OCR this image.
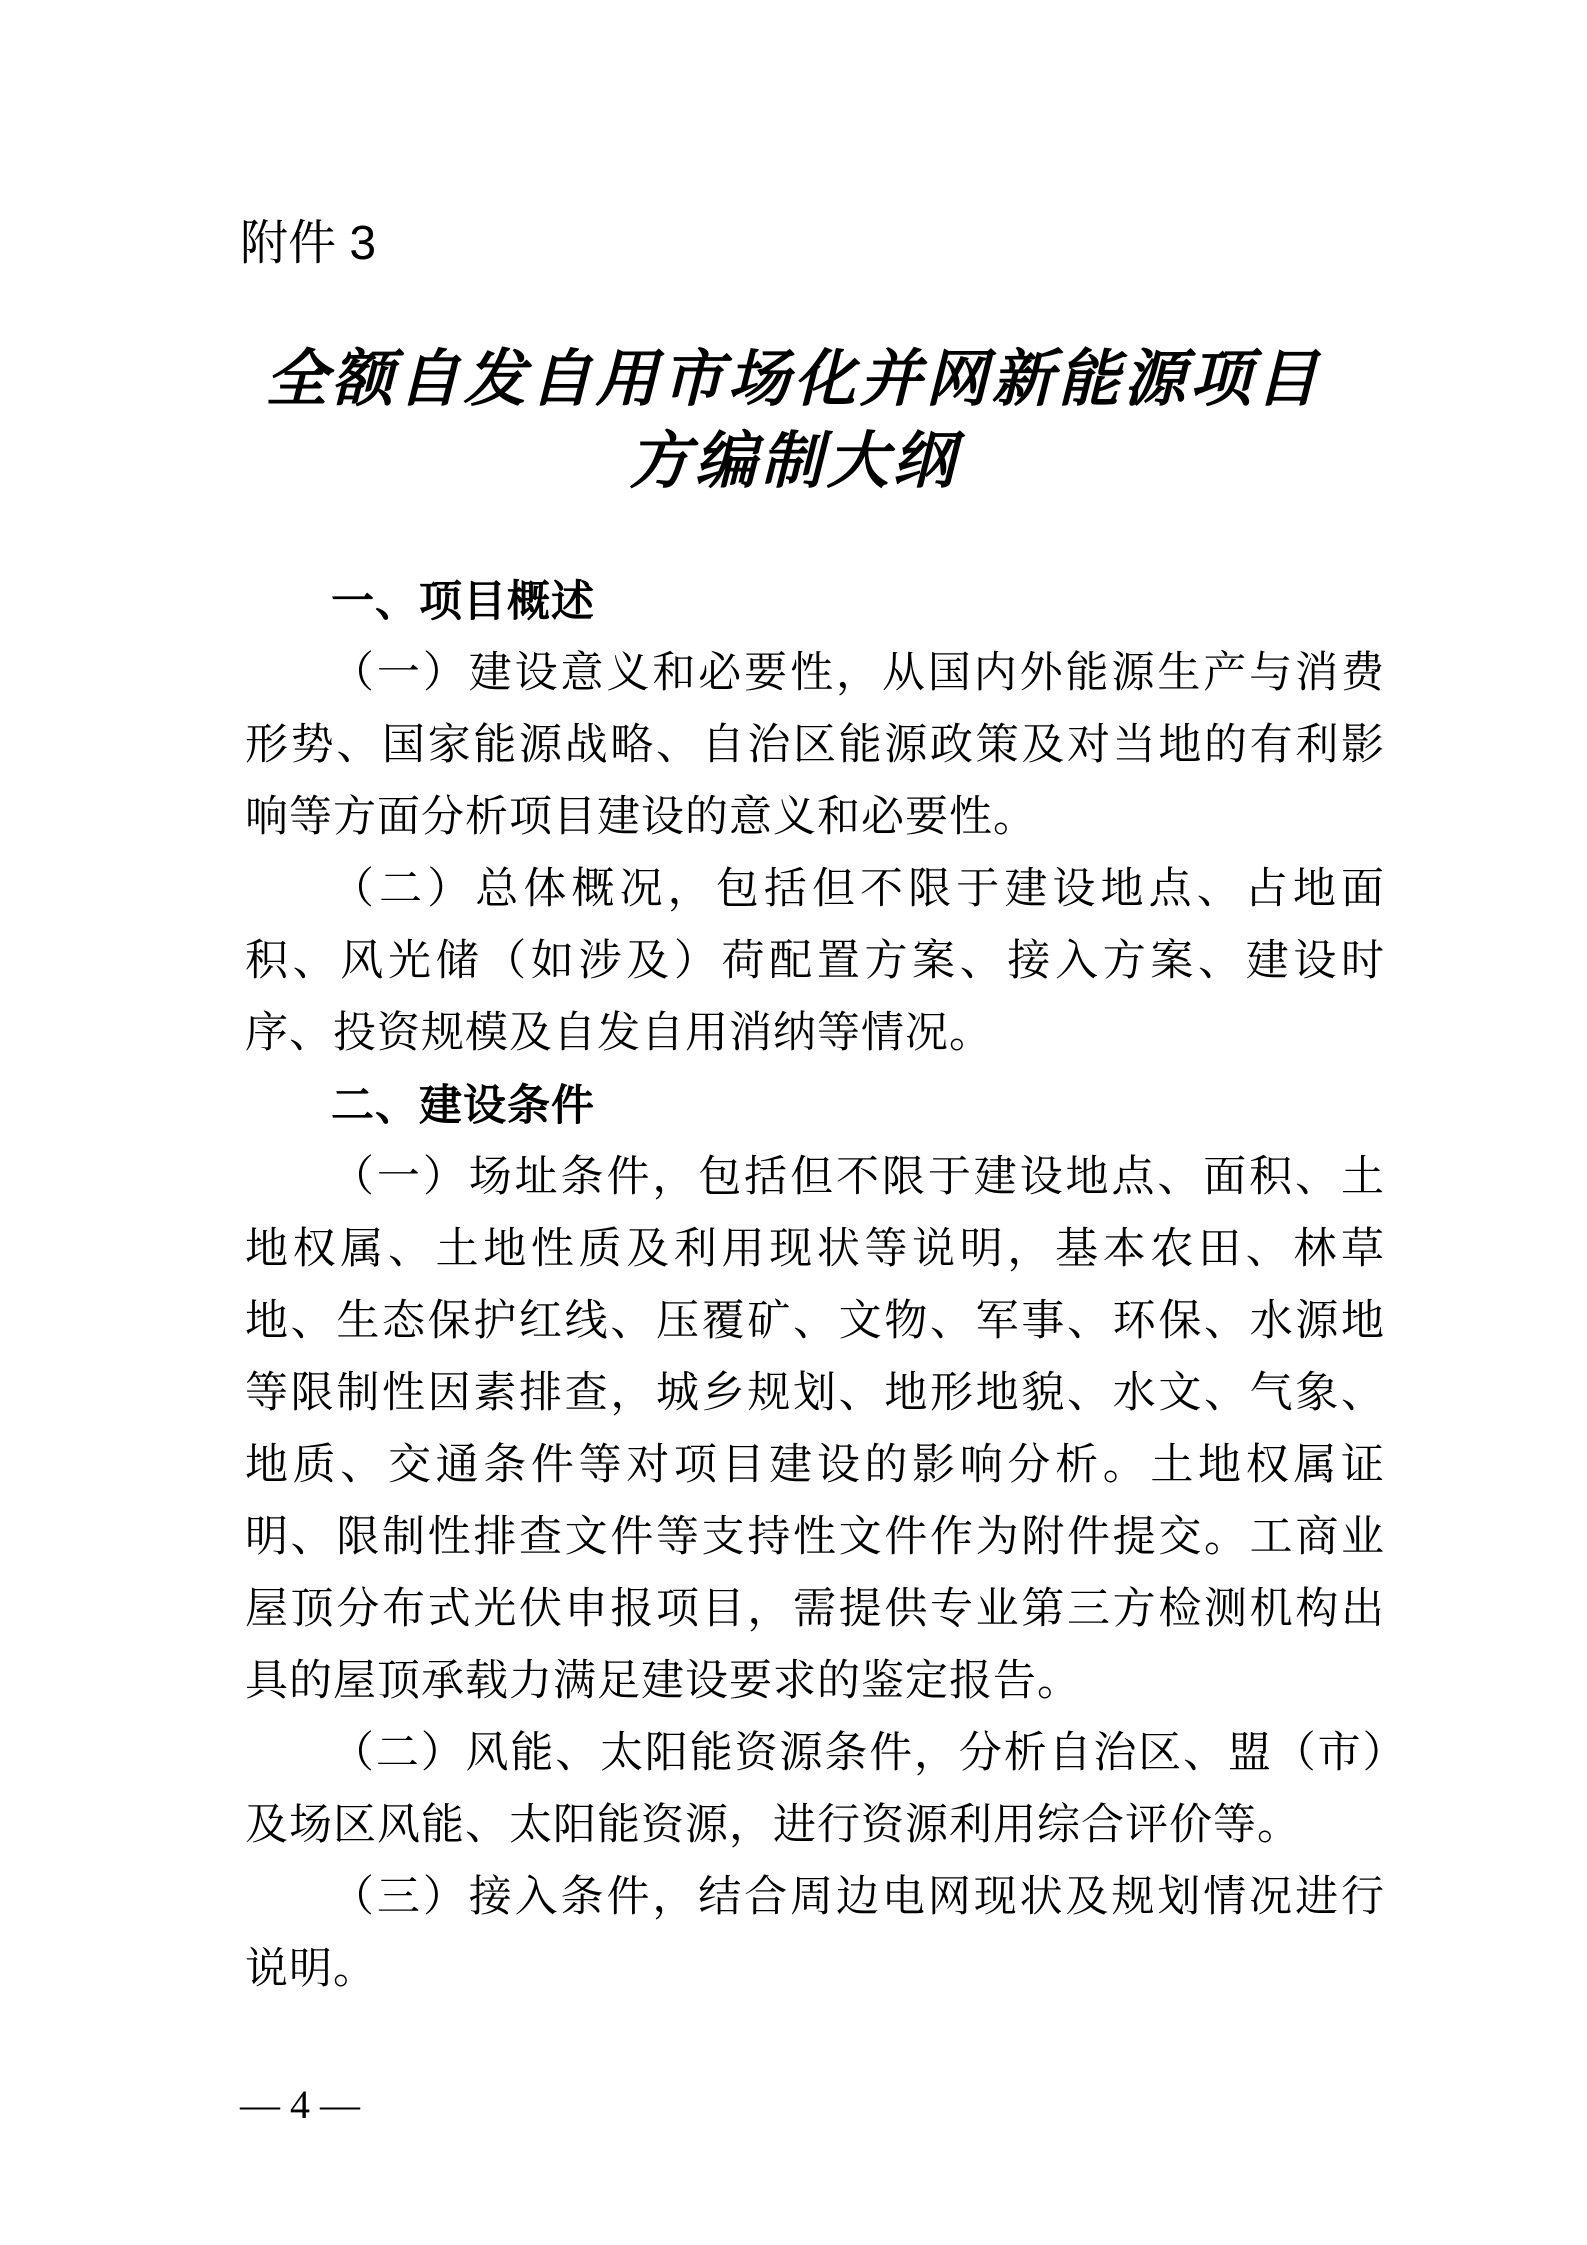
附件 3
全额自发自用市场化并网新能源项目
方编制大纲
一、项目概述

（一）建设意义和必要性，从国内外能源生产与消费形势、国家能源战略、自治区能源政策及对当地的有利影响等方面分析项目建设的意义和必要性。

（二）总体概况，包括但不限于建设地点、占地面积、风光储（如涉及）荷配置方案、接入方案、建设时序、投资规模及自发自用消纳等情况。

二、建设条件

（一）场址条件，包括但不限于建设地点、面积、土地权属、土地性质及利用现状等说明，基本农田、林草地、生态保护红线、压覆矿、文物、军事、环保、水源地等限制性因素排查，城乡规划、地形地貌、水文、气象、地质、交通条件等对项目建设的影响分析。土地权属证明、限制性排查文件等支持性文件作为附件提交。工商业屋顶分布式光伏申报项目，需提供专业第三方检测机构出具的屋顶承载力满足建设要求的鉴定报告。

（二）风能、太阳能资源条件，分析自治区、盟（市）及场区风能、太阳能资源，进行资源利用综合评价等。

（三）接入条件，结合周边电网现状及规划情况进行说明。

— 4 —
